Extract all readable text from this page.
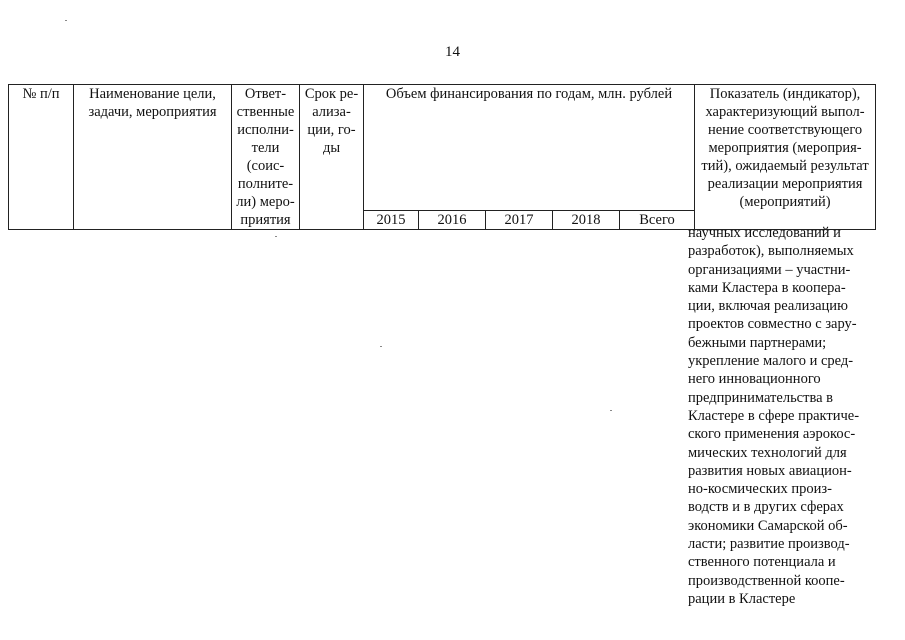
14
№ п/п	Наименование цели, задачи, мероприятия	Ответ-ственные исполни-тели (соис-полните-ли) меро-приятия	Срок ре-ализа-ции, го-ды	Объем финансирования по годам, млн. рублей					Показатель (индикатор), характеризующий выпол-нение соответствующего мероприятия (мероприя-тий), ожидаемый результат реализации мероприятия (мероприятий)
				2015	2016	2017	2018	Всего	
научных исследований и
разработок), выполняемых
организациями – участни-
ками Кластера в коопера-
ции, включая реализацию
проектов совместно с зару-
бежными партнерами;
укрепление малого и сред-
него инновационного
предпринимательства в
Кластере в сфере практиче-
ского применения аэрокос-
мических технологий для
развития новых авиацион-
но-космических произ-
водств и в других сферах
экономики Самарской об-
ласти; развитие производ-
ственного потенциала и
производственной коопе-
рации в Кластере
